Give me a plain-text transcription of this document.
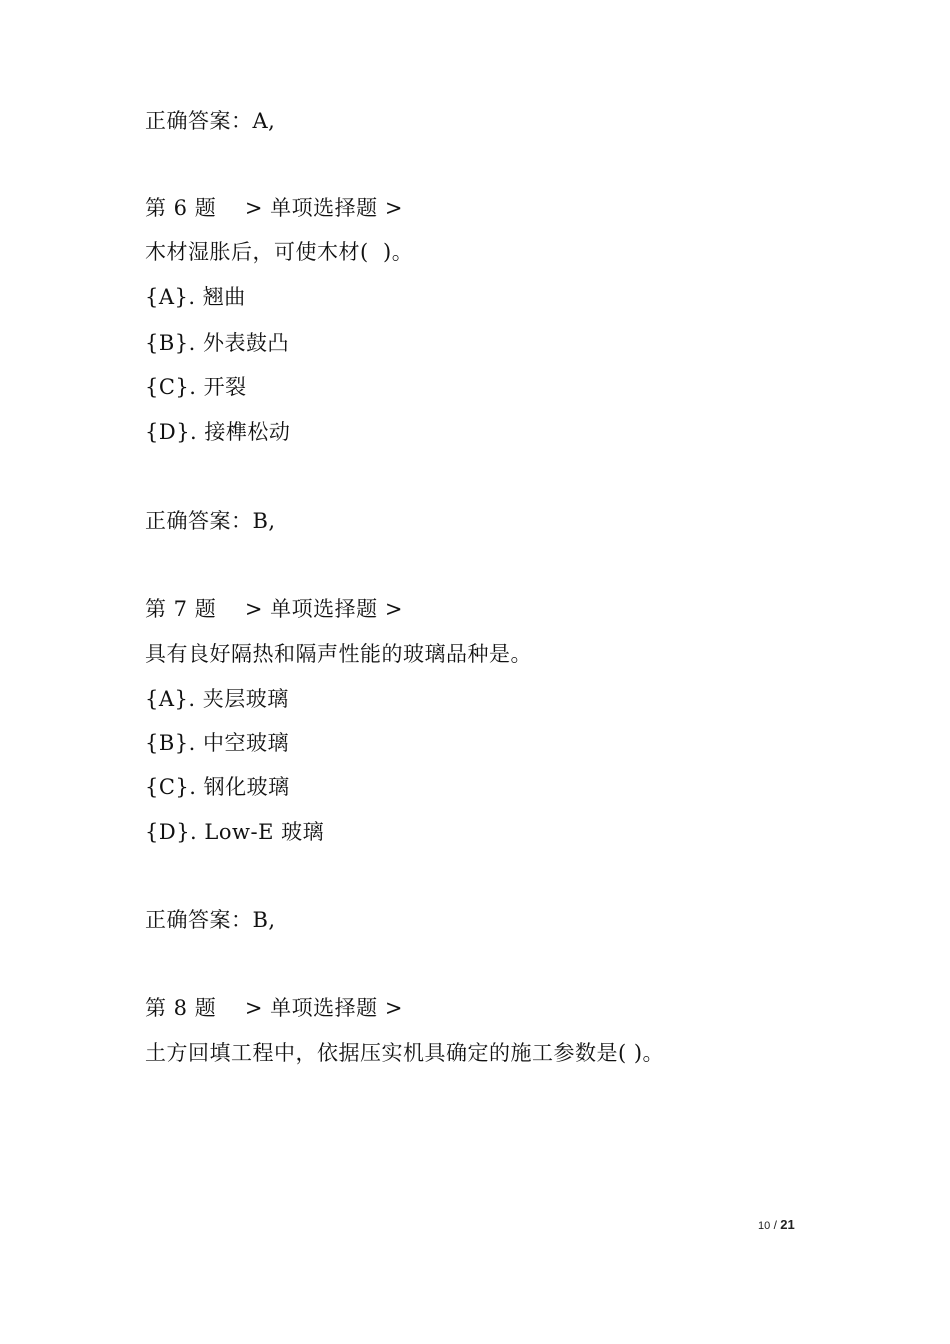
正确答案：A,
第 6 题    > 单项选择题 >
木材湿胀后，可使木材(  )。
{A}. 翘曲
{B}. 外表鼓凸
{C}. 开裂
{D}. 接榫松动
正确答案：B,
第 7 题    > 单项选择题 >
具有良好隔热和隔声性能的玻璃品种是。
{A}. 夹层玻璃
{B}. 中空玻璃
{C}. 钢化玻璃
{D}. Low-E 玻璃
正确答案：B,
第 8 题    > 单项选择题 >
土方回填工程中，依据压实机具确定的施工参数是( )。
10 / 21
